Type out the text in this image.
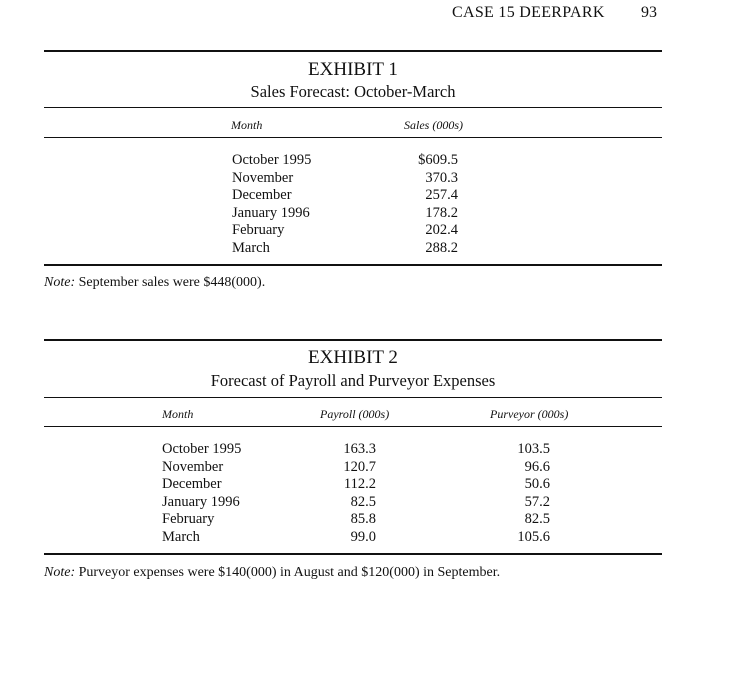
CASE 15 DEERPARK 93
EXHIBIT 1
Sales Forecast: October-March
Month	Sales (000s)
October 1995	$609.5
November	370.3
December	257.4
January 1996	178.2
February	202.4
March	288.2
Note: September sales were $448(000).
EXHIBIT 2
Forecast of Payroll and Purveyor Expenses
Month	Payroll (000s)	Purveyor (000s)
October 1995	163.3	103.5
November	120.7	96.6
December	112.2	50.6
January 1996	82.5	57.2
February	85.8	82.5
March	99.0	105.6
Note: Purveyor expenses were $140(000) in August and $120(000) in September.
